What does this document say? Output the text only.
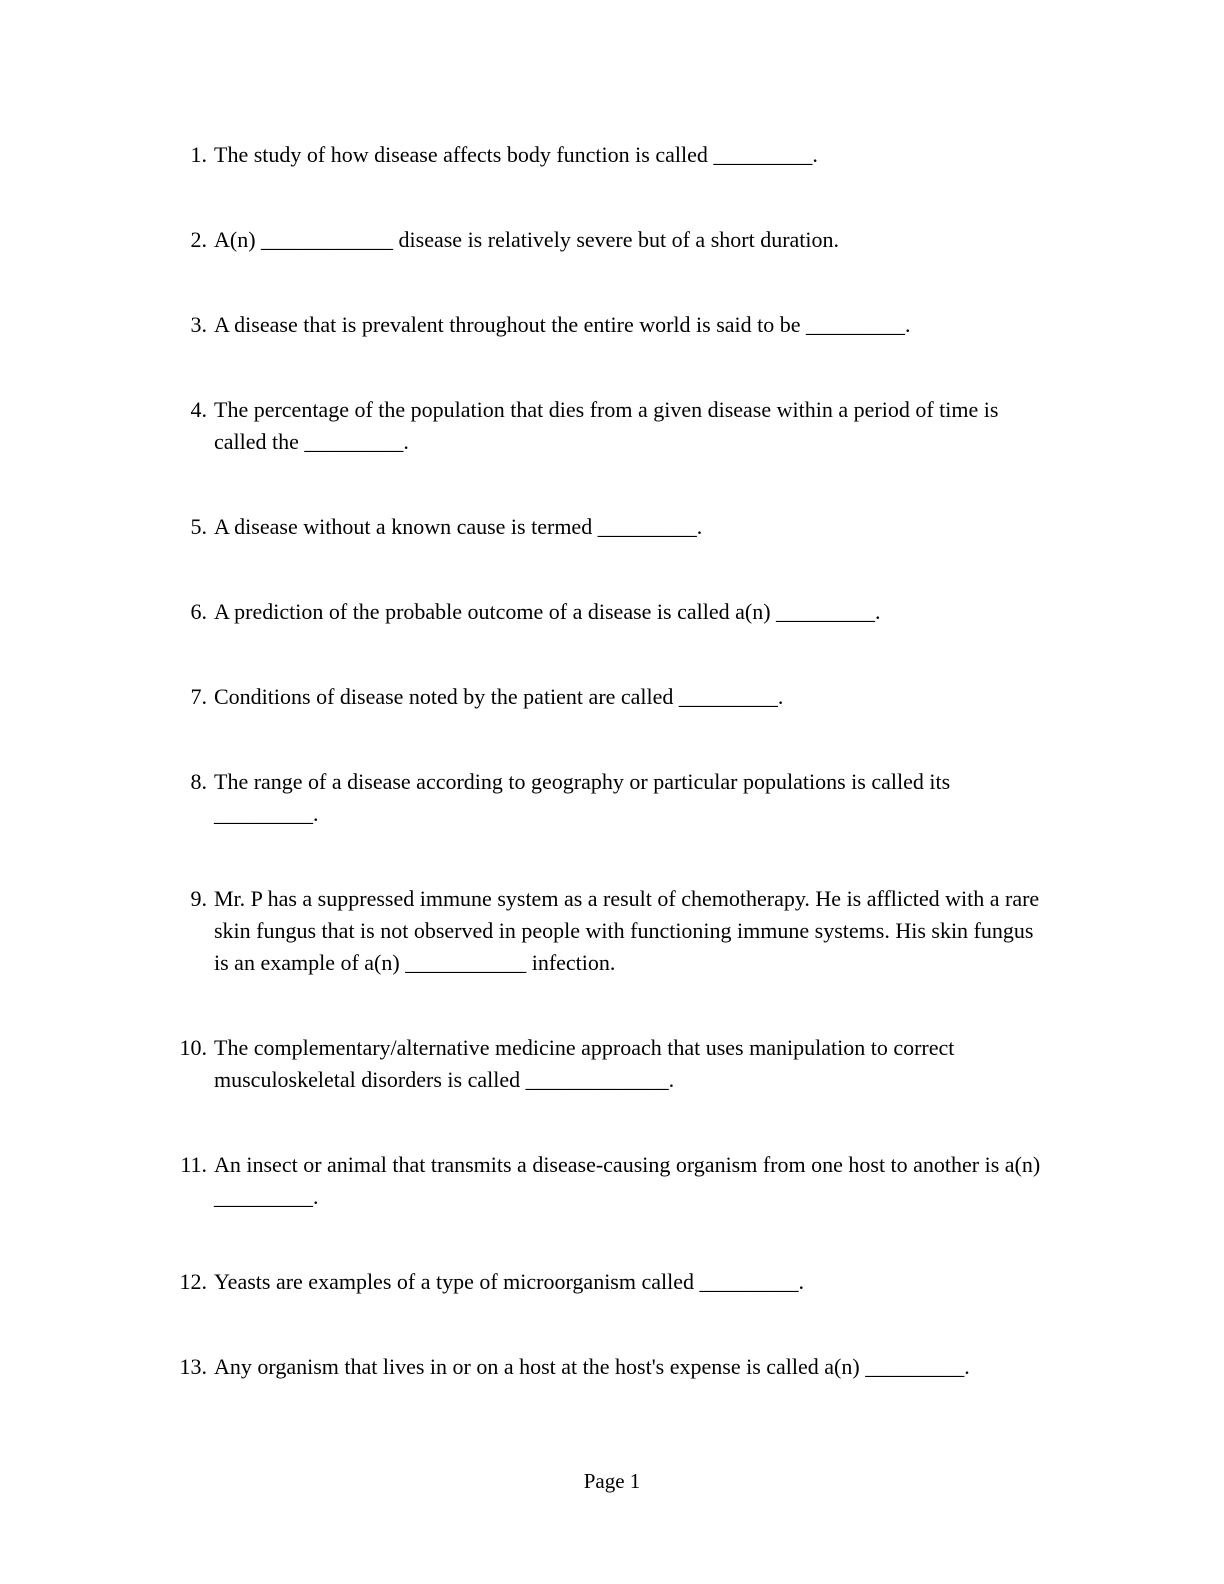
1. The study of how disease affects body function is called _________.
2. A(n) ____________ disease is relatively severe but of a short duration.
3. A disease that is prevalent throughout the entire world is said to be _________.
4. The percentage of the population that dies from a given disease within a period of time is called the _________.
5. A disease without a known cause is termed _________.
6. A prediction of the probable outcome of a disease is called a(n) _________.
7. Conditions of disease noted by the patient are called _________.
8. The range of a disease according to geography or particular populations is called its _________.
9. Mr. P has a suppressed immune system as a result of chemotherapy. He is afflicted with a rare skin fungus that is not observed in people with functioning immune systems. His skin fungus is an example of a(n) ___________ infection.
10. The complementary/alternative medicine approach that uses manipulation to correct musculoskeletal disorders is called _____________.
11. An insect or animal that transmits a disease-causing organism from one host to another is a(n) _________.
12. Yeasts are examples of a type of microorganism called _________.
13. Any organism that lives in or on a host at the host's expense is called a(n) _________.
Page 1
